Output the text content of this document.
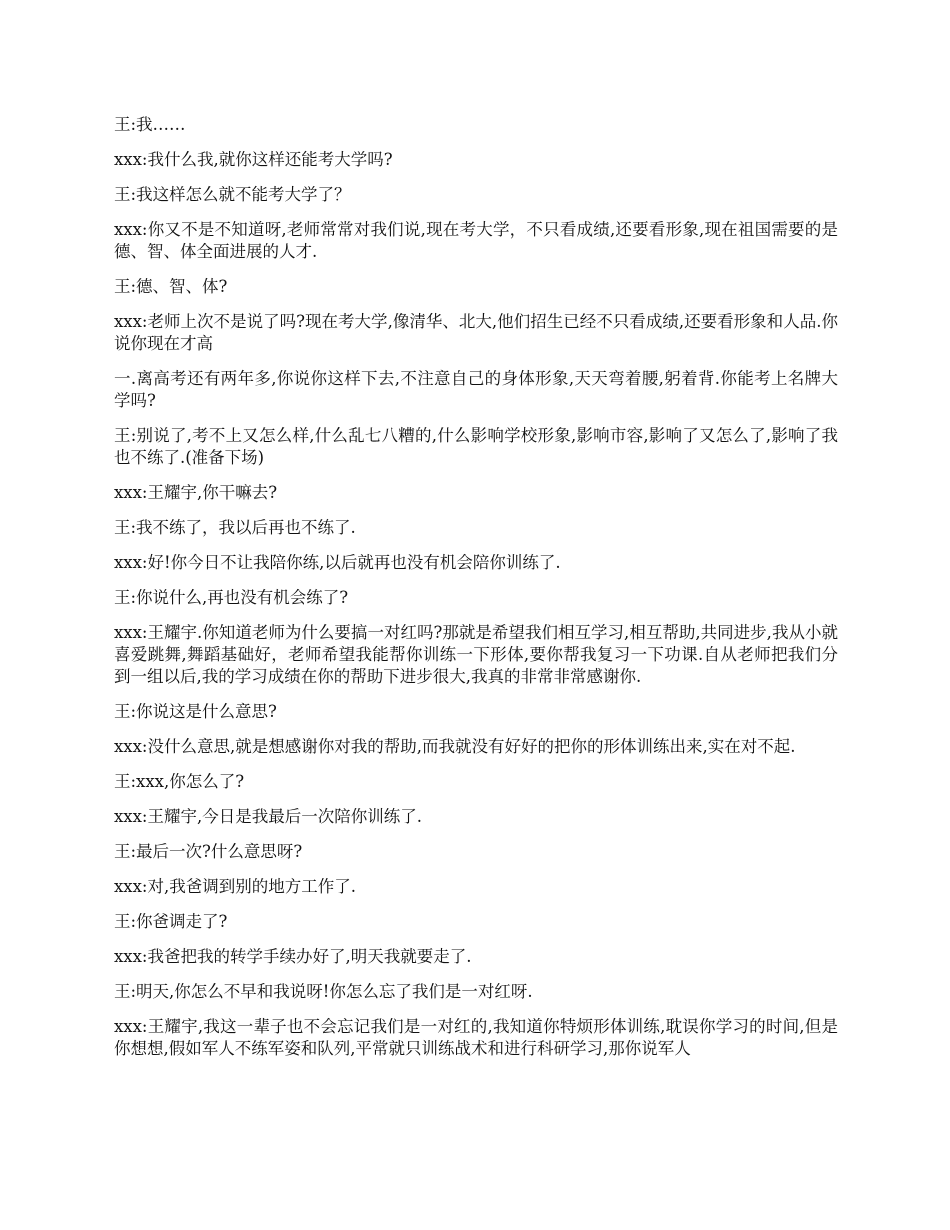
王:我……

xxx:我什么我,就你这样还能考大学吗?

王:我这样怎么就不能考大学了？

xxx:你又不是不知道呀,老师常常对我们说,现在考大学，不只看成绩,还要看形象,现在祖国需要的是德、智、体全面进展的人才.

王:德、智、体?

xxx:老师上次不是说了吗?现在考大学,像清华、北大,他们招生已经不只看成绩,还要看形象和人品.你说你现在才高

一.离高考还有两年多,你说你这样下去,不注意自己的身体形象,天天弯着腰,躬着背.你能考上名牌大学吗?

王:别说了,考不上又怎么样,什么乱七八糟的,什么影响学校形象,影响市容,影响了又怎么了,影响了我也不练了.(准备下场)

xxx:王耀宇,你干嘛去?

王:我不练了，我以后再也不练了.

xxx:好!你今日不让我陪你练,以后就再也没有机会陪你训练了.

王:你说什么,再也没有机会练了?

xxx:王耀宇.你知道老师为什么要搞一对红吗?那就是希望我们相互学习,相互帮助,共同进步,我从小就喜爱跳舞,舞蹈基础好，老师希望我能帮你训练一下形体,要你帮我复习一下功课.自从老师把我们分到一组以后,我的学习成绩在你的帮助下进步很大,我真的非常非常感谢你.

王:你说这是什么意思?

xxx:没什么意思,就是想感谢你对我的帮助,而我就没有好好的把你的形体训练出来,实在对不起.

王:xxx,你怎么了?

xxx:王耀宇,今日是我最后一次陪你训练了.

王:最后一次?什么意思呀?

xxx:对,我爸调到别的地方工作了.

王:你爸调走了?

xxx:我爸把我的转学手续办好了,明天我就要走了.

王:明天,你怎么不早和我说呀!你怎么忘了我们是一对红呀.

xxx:王耀宇,我这一辈子也不会忘记我们是一对红的,我知道你特烦形体训练,耽误你学习的时间,但是你想想,假如军人不练军姿和队列,平常就只训练战术和进行科研学习,那你说军人
